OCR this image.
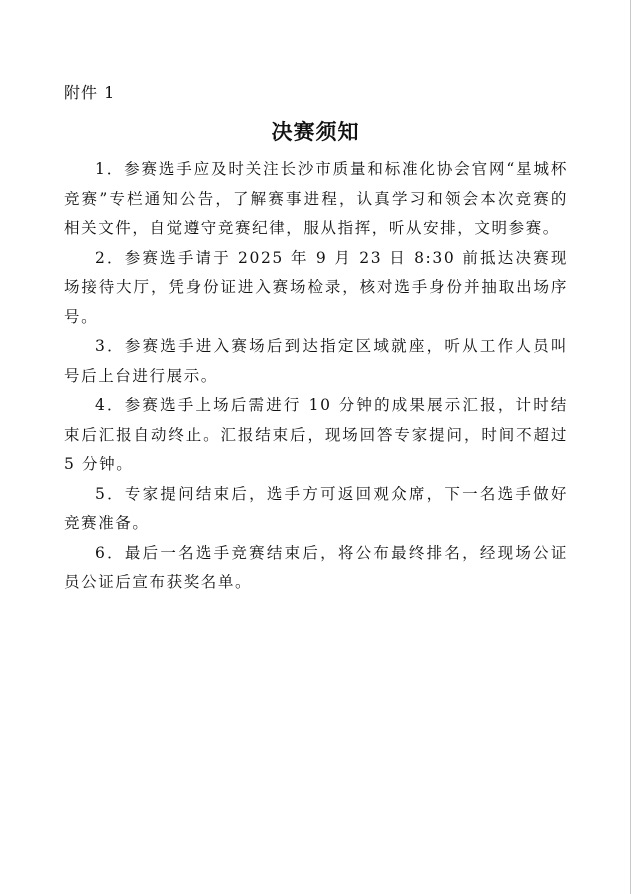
附件 1
决赛须知

1．参赛选手应及时关注长沙市质量和标准化协会官网“星城杯竞赛”专栏通知公告，了解赛事进程，认真学习和领会本次竞赛的相关文件，自觉遵守竞赛纪律，服从指挥，听从安排，文明参赛。

2．参赛选手请于 2025 年 9 月 23 日 8:30 前抵达决赛现场接待大厅，凭身份证进入赛场检录，核对选手身份并抽取出场序号。

3．参赛选手进入赛场后到达指定区域就座，听从工作人员叫号后上台进行展示。

4．参赛选手上场后需进行 10 分钟的成果展示汇报，计时结束后汇报自动终止。汇报结束后，现场回答专家提问，时间不超过 5 分钟。

5．专家提问结束后，选手方可返回观众席，下一名选手做好竞赛准备。

6．最后一名选手竞赛结束后，将公布最终排名，经现场公证员公证后宣布获奖名单。
